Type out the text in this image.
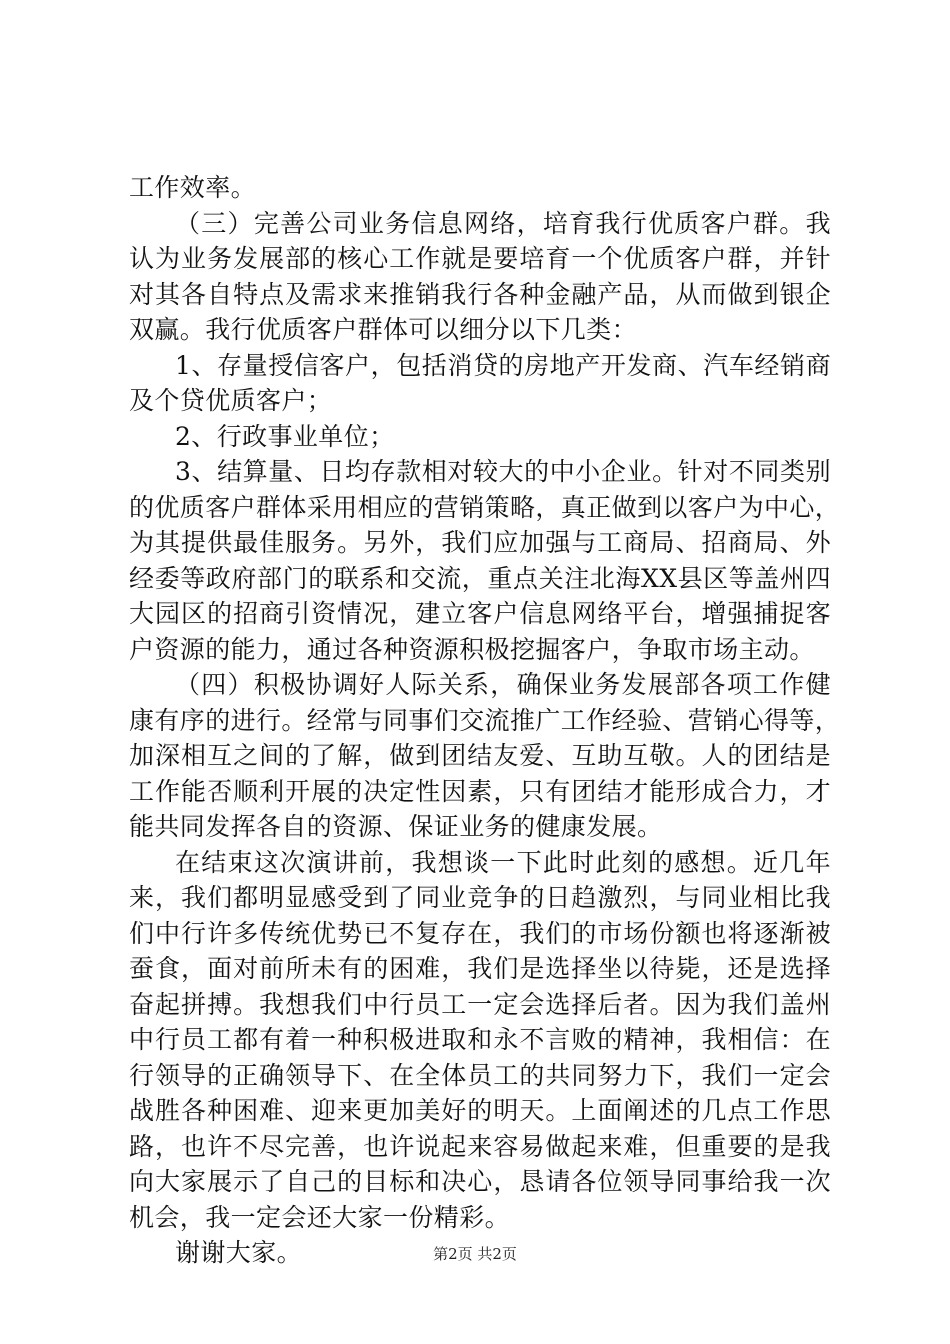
工作效率。
（三）完善公司业务信息网络，培育我行优质客户群。我
认为业务发展部的核心工作就是要培育一个优质客户群，并针
对其各自特点及需求来推销我行各种金融产品，从而做到银企
双赢。我行优质客户群体可以细分以下几类：
1、存量授信客户，包括消贷的房地产开发商、汽车经销商
及个贷优质客户；
2、行政事业单位；
3、结算量、日均存款相对较大的中小企业。针对不同类别
的优质客户群体采用相应的营销策略，真正做到以客户为中心，
为其提供最佳服务。另外，我们应加强与工商局、招商局、外
经委等政府部门的联系和交流，重点关注北海XX县区等盖州四
大园区的招商引资情况，建立客户信息网络平台，增强捕捉客
户资源的能力，通过各种资源积极挖掘客户，争取市场主动。
（四）积极协调好人际关系，确保业务发展部各项工作健
康有序的进行。经常与同事们交流推广工作经验、营销心得等，
加深相互之间的了解，做到团结友爱、互助互敬。人的团结是
工作能否顺利开展的决定性因素，只有团结才能形成合力，才
能共同发挥各自的资源、保证业务的健康发展。
在结束这次演讲前，我想谈一下此时此刻的感想。近几年
来，我们都明显感受到了同业竞争的日趋激烈，与同业相比我
们中行许多传统优势已不复存在，我们的市场份额也将逐渐被
蚕食，面对前所未有的困难，我们是选择坐以待毙，还是选择
奋起拼搏。我想我们中行员工一定会选择后者。因为我们盖州
中行员工都有着一种积极进取和永不言败的精神，我相信：在
行领导的正确领导下、在全体员工的共同努力下，我们一定会
战胜各种困难、迎来更加美好的明天。上面阐述的几点工作思
路，也许不尽完善，也许说起来容易做起来难，但重要的是我
向大家展示了自己的目标和决心，恳请各位领导同事给我一次
机会，我一定会还大家一份精彩。
谢谢大家。	第2页 共2页
